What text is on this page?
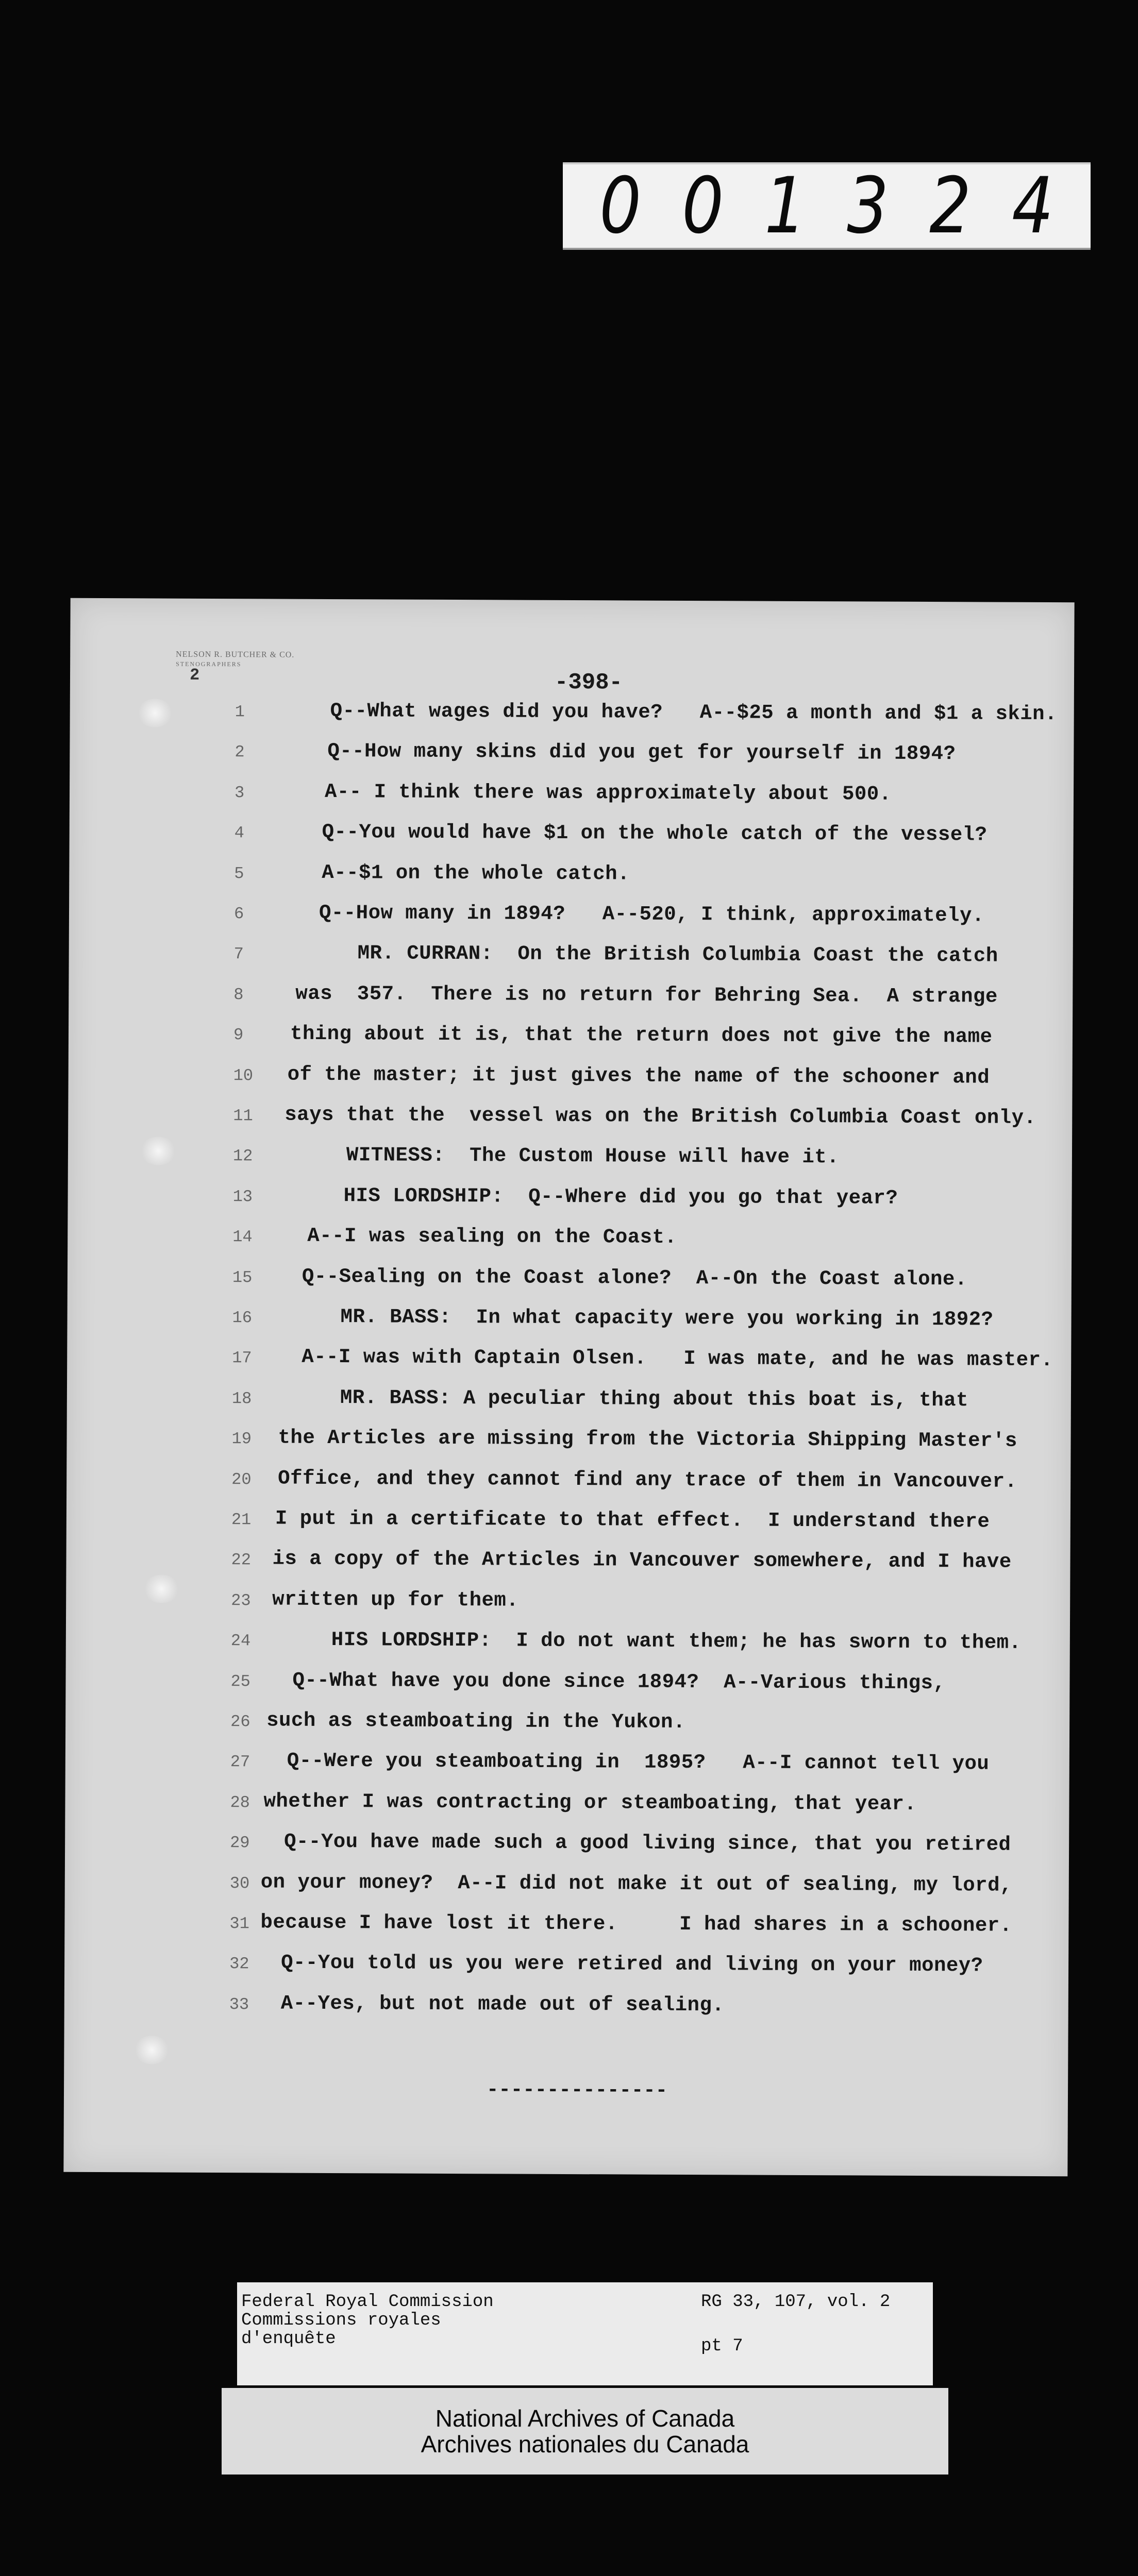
0 0 1 3 2 4
NELSON R. BUTCHER & CO.
STENOGRAPHERS
2	-398-
1	Q--What wages did you have?   A--$25 a month and $1 a skin.
2	Q--How many skins did you get for yourself in 1894?
3	A-- I think there was approximately about 500.
4	Q--You would have $1 on the whole catch of the vessel?
5	A--$1 on the whole catch.
6	Q--How many in 1894?   A--520, I think, approximately.
7	MR. CURRAN:  On the British Columbia Coast the catch
8	was  357.  There is no return for Behring Sea.  A strange
9	thing about it is, that the return does not give the name
10	of the master; it just gives the name of the schooner and
11	says that the  vessel was on the British Columbia Coast only.
12	WITNESS:  The Custom House will have it.
13	HIS LORDSHIP:  Q--Where did you go that year?
14	A--I was sealing on the Coast.
15	Q--Sealing on the Coast alone?  A--On the Coast alone.
16	MR. BASS:  In what capacity were you working in 1892?
17	A--I was with Captain Olsen.   I was mate, and he was master.
18	MR. BASS: A peculiar thing about this boat is, that
19	the Articles are missing from the Victoria Shipping Master's
20	Office, and they cannot find any trace of them in Vancouver.
21	I put in a certificate to that effect.  I understand there
22	is a copy of the Articles in Vancouver somewhere, and I have
23	written up for them.
24	HIS LORDSHIP:  I do not want them; he has sworn to them.
25	Q--What have you done since 1894?  A--Various things,
26 such as steamboating in the Yukon.
27	Q--Were you steamboating in  1895?   A--I cannot tell you
28 whether I was contracting or steamboating, that year.
29	Q--You have made such a good living since, that you retired
30 on your money?  A--I did not make it out of sealing, my lord,
31 because I have lost it there.     I had shares in a schooner.
32	Q--You told us you were retired and living on your money?
33	A--Yes, but not made out of sealing.
---------------
Federal Royal Commission
Commissions royales
d'enquête
RG 33, 107, vol. 2
pt 7
National Archives of Canada
Archives nationales du Canada
